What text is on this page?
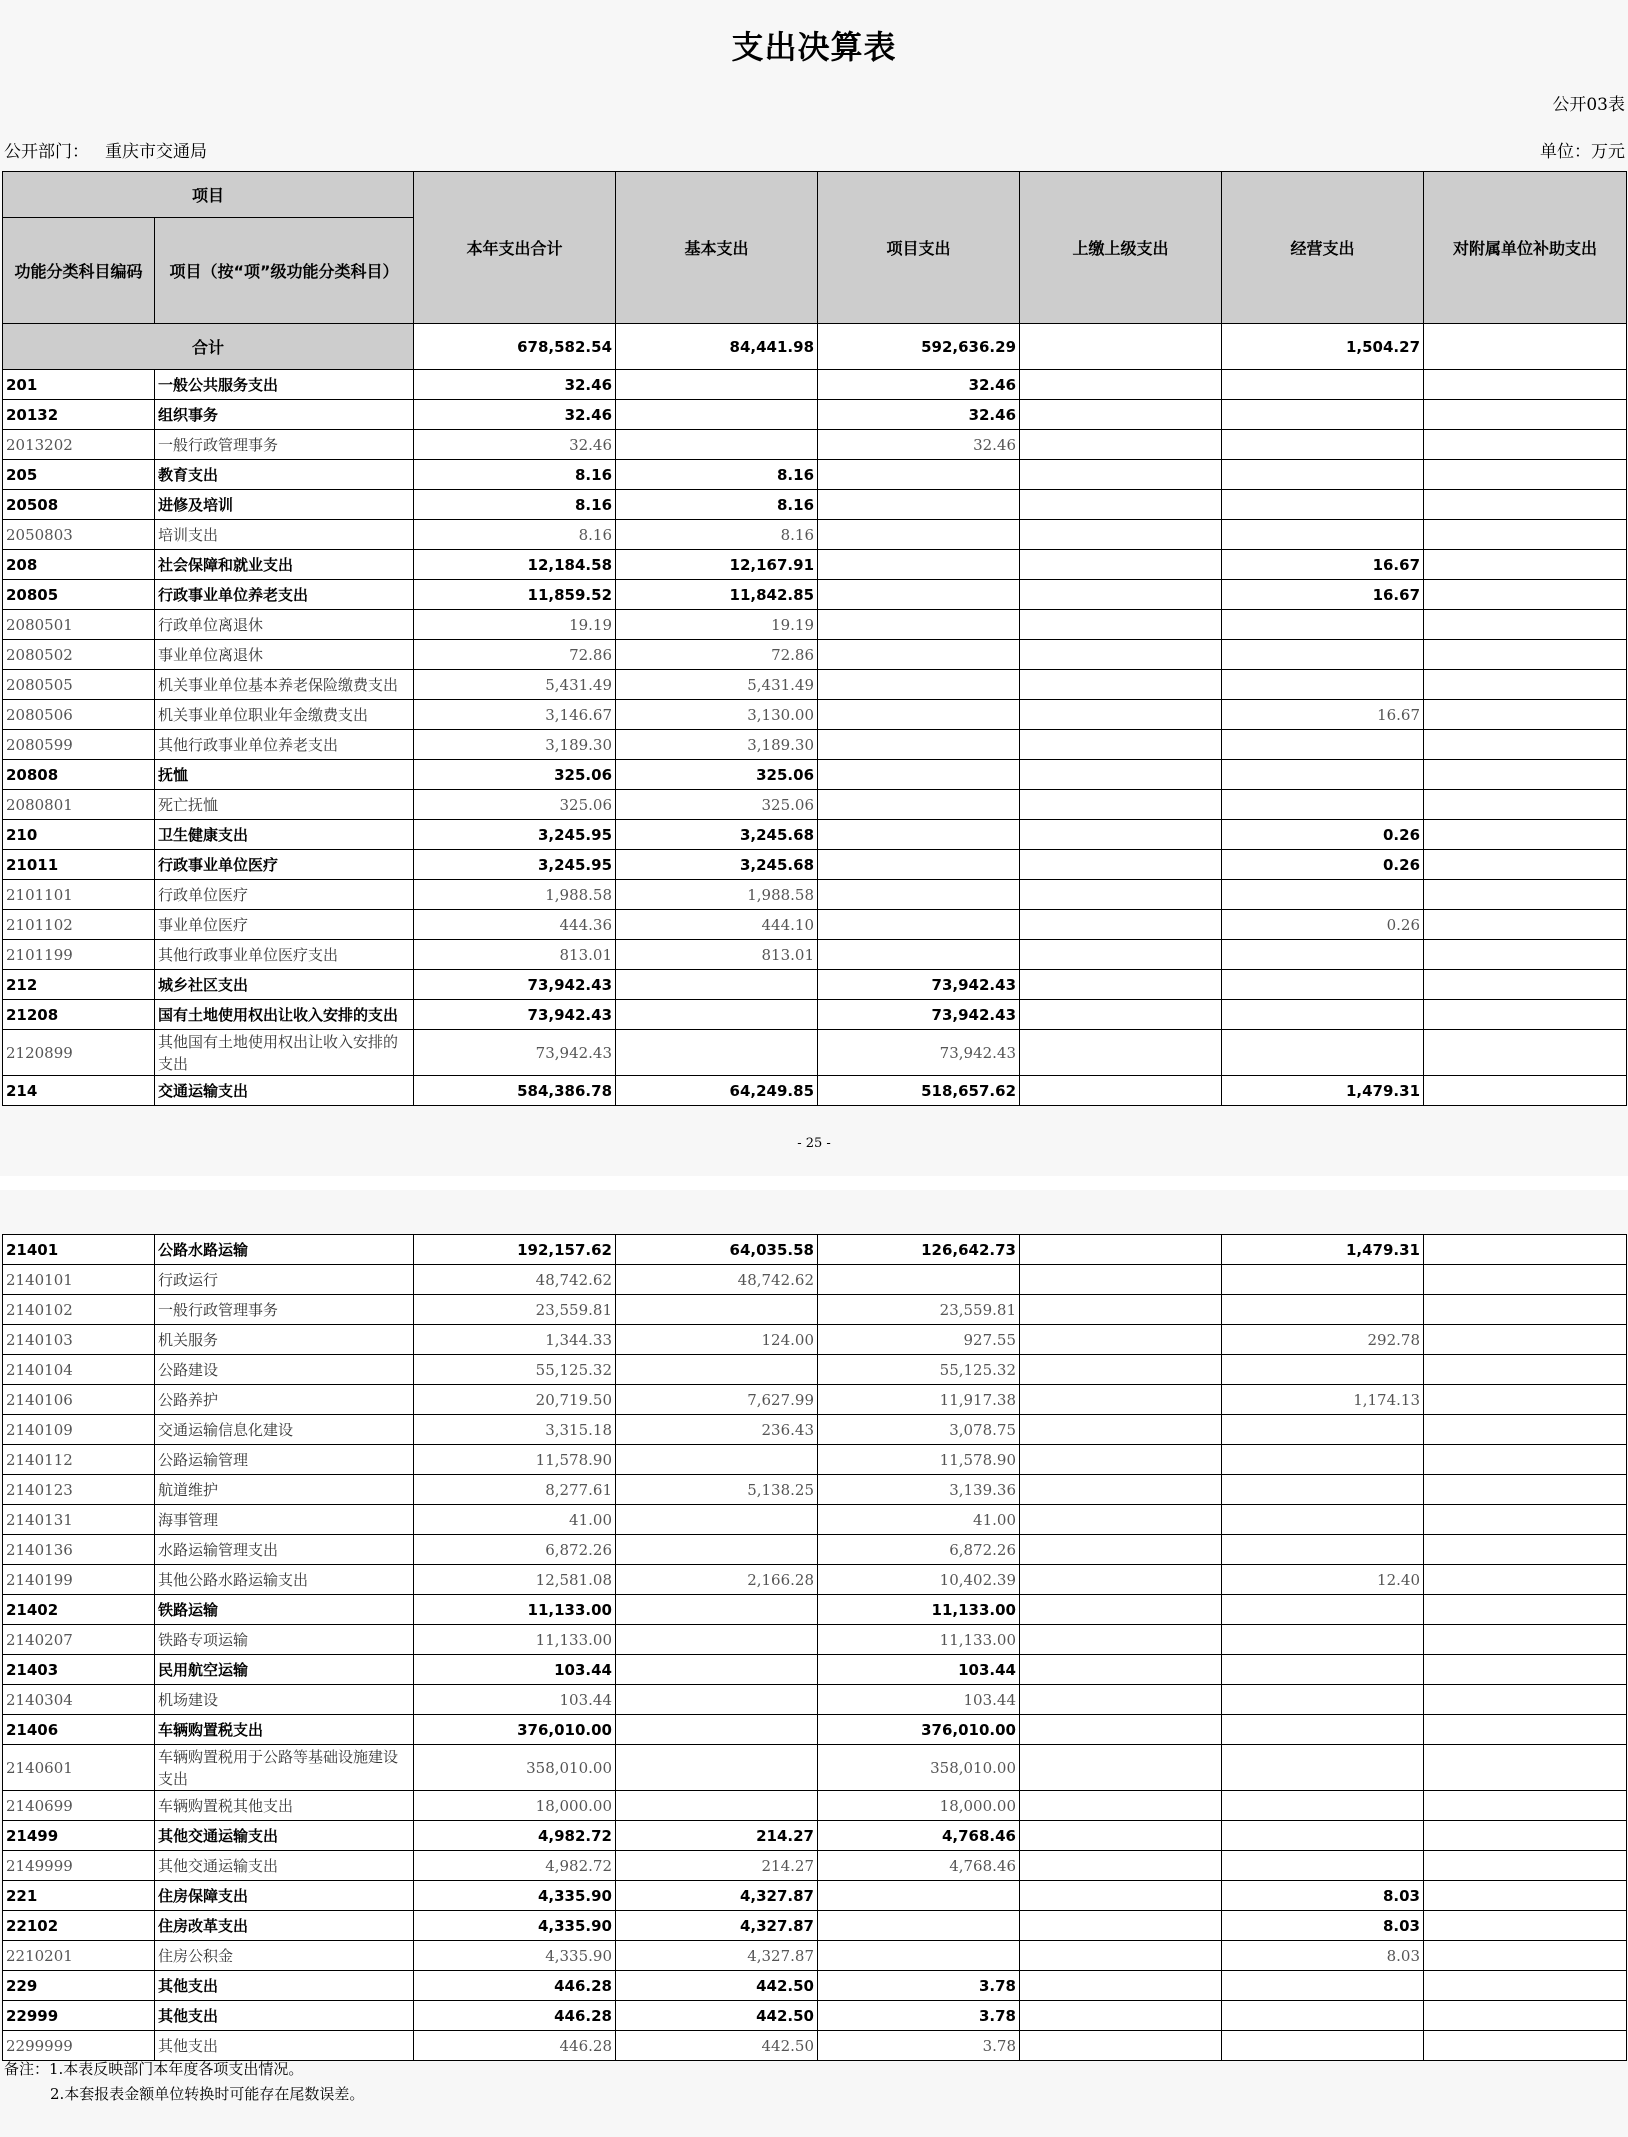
支出决算表
公开03表
公开部门： 重庆市交通局	单位：万元
项目		本年支出合计	基本支出	项目支出	上缴上级支出	经营支出	对附属单位补助支出
功能分类科目编码	项目（按“项”级功能分类科目）						
合计		678,582.54	84,441.98	592,636.29		1,504.27	
201	一般公共服务支出	32.46		32.46			
20132	组织事务	32.46		32.46			
2013202	一般行政管理事务	32.46		32.46			
205	教育支出	8.16	8.16				
20508	进修及培训	8.16	8.16				
2050803	培训支出	8.16	8.16				
208	社会保障和就业支出	12,184.58	12,167.91			16.67	
20805	行政事业单位养老支出	11,859.52	11,842.85			16.67	
2080501	行政单位离退休	19.19	19.19				
2080502	事业单位离退休	72.86	72.86				
2080505	机关事业单位基本养老保险缴费支出	5,431.49	5,431.49				
2080506	机关事业单位职业年金缴费支出	3,146.67	3,130.00			16.67	
2080599	其他行政事业单位养老支出	3,189.30	3,189.30				
20808	抚恤	325.06	325.06				
2080801	死亡抚恤	325.06	325.06				
210	卫生健康支出	3,245.95	3,245.68			0.26	
21011	行政事业单位医疗	3,245.95	3,245.68			0.26	
2101101	行政单位医疗	1,988.58	1,988.58				
2101102	事业单位医疗	444.36	444.10			0.26	
2101199	其他行政事业单位医疗支出	813.01	813.01				
212	城乡社区支出	73,942.43		73,942.43			
21208	国有土地使用权出让收入安排的支出	73,942.43		73,942.43			
2120899	其他国有土地使用权出让收入安排的支出	73,942.43		73,942.43			
214	交通运输支出	584,386.78	64,249.85	518,657.62		1,479.31	
- 25 -
21401	公路水路运输	192,157.62	64,035.58	126,642.73		1,479.31	
2140101	行政运行	48,742.62	48,742.62				
2140102	一般行政管理事务	23,559.81		23,559.81			
2140103	机关服务	1,344.33	124.00	927.55		292.78	
2140104	公路建设	55,125.32		55,125.32			
2140106	公路养护	20,719.50	7,627.99	11,917.38		1,174.13	
2140109	交通运输信息化建设	3,315.18	236.43	3,078.75			
2140112	公路运输管理	11,578.90		11,578.90			
2140123	航道维护	8,277.61	5,138.25	3,139.36			
2140131	海事管理	41.00		41.00			
2140136	水路运输管理支出	6,872.26		6,872.26			
2140199	其他公路水路运输支出	12,581.08	2,166.28	10,402.39		12.40	
21402	铁路运输	11,133.00		11,133.00			
2140207	铁路专项运输	11,133.00		11,133.00			
21403	民用航空运输	103.44		103.44			
2140304	机场建设	103.44		103.44			
21406	车辆购置税支出	376,010.00		376,010.00			
2140601	车辆购置税用于公路等基础设施建设支出	358,010.00		358,010.00			
2140699	车辆购置税其他支出	18,000.00		18,000.00			
21499	其他交通运输支出	4,982.72	214.27	4,768.46			
2149999	其他交通运输支出	4,982.72	214.27	4,768.46			
221	住房保障支出	4,335.90	4,327.87			8.03	
22102	住房改革支出	4,335.90	4,327.87			8.03	
2210201	住房公积金	4,335.90	4,327.87			8.03	
229	其他支出	446.28	442.50	3.78			
22999	其他支出	446.28	442.50	3.78			
2299999	其他支出	446.28	442.50	3.78			
备注：1.本表反映部门本年度各项支出情况。
2.本套报表金额单位转换时可能存在尾数误差。
